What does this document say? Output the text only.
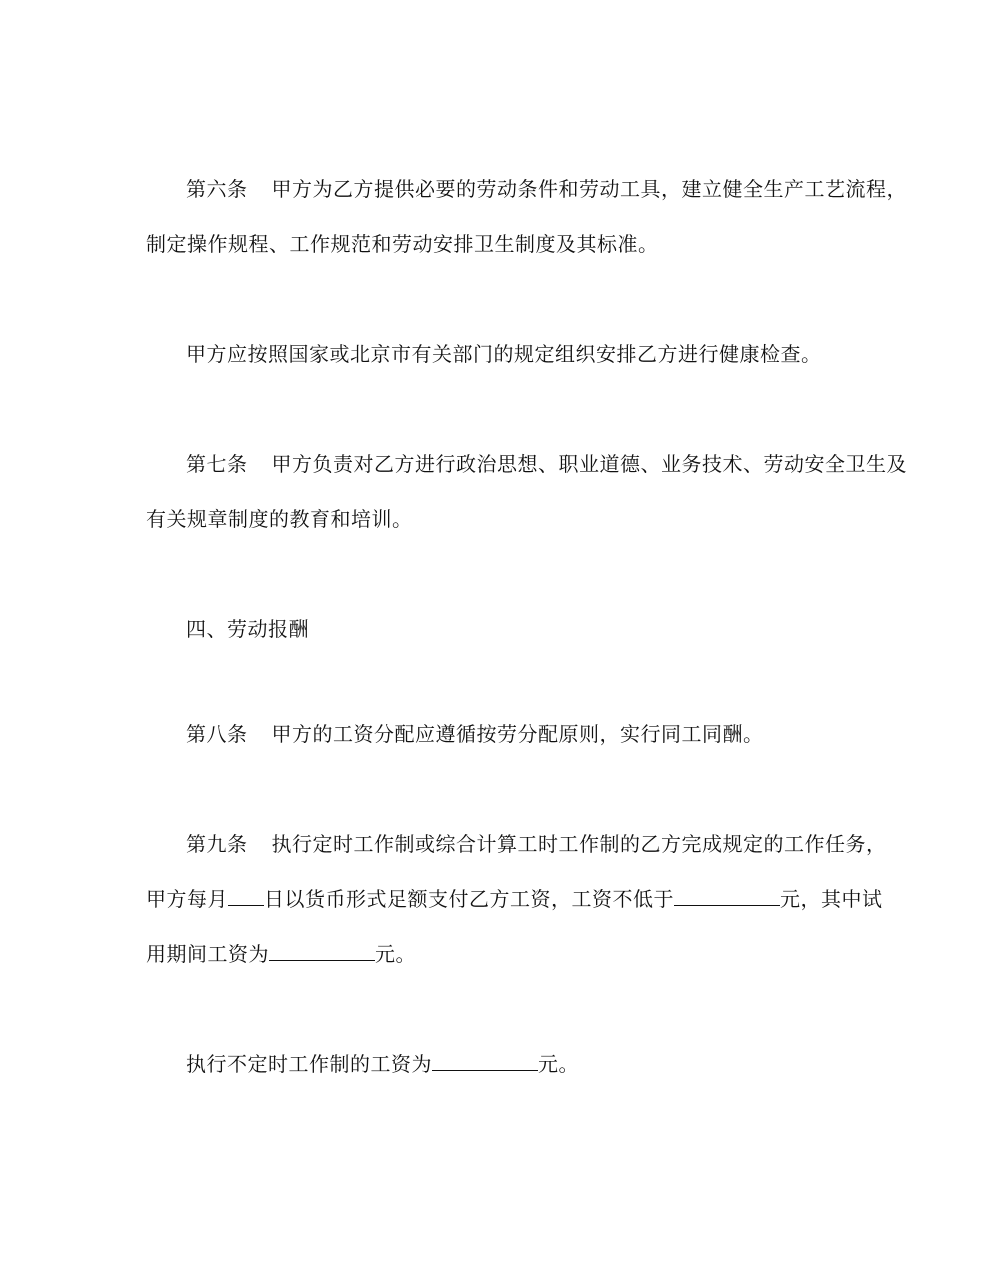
第六条 甲方为乙方提供必要的劳动条件和劳动工具，建立健全生产工艺流程，
制定操作规程、工作规范和劳动安排卫生制度及其标准。
甲方应按照国家或北京市有关部门的规定组织安排乙方进行健康检查。
第七条 甲方负责对乙方进行政治思想、职业道德、业务技术、劳动安全卫生及
有关规章制度的教育和培训。
四、劳动报酬
第八条 甲方的工资分配应遵循按劳分配原则，实行同工同酬。
第九条 执行定时工作制或综合计算工时工作制的乙方完成规定的工作任务，
甲方每月 日以货币形式足额支付乙方工资，工资不低于	元，其中试
用期间工资为	元。
执行不定时工作制的工资为	元。
